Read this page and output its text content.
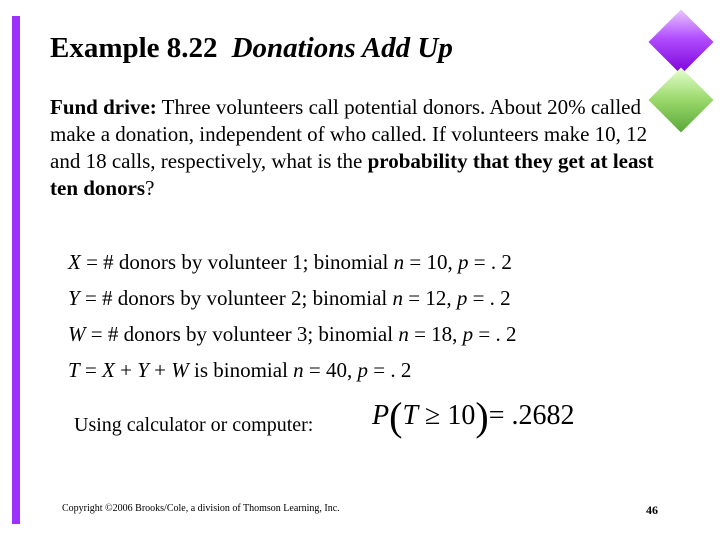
Example 8.22 Donations Add Up
Fund drive: Three volunteers call potential donors. About 20% called make a donation, independent of who called. If volunteers make 10, 12 and 18 calls, respectively, what is the probability that they get at least ten donors?
X = # donors by volunteer 1; binomial n = 10, p = . 2
Y = # donors by volunteer 2; binomial n = 12, p = . 2
W = # donors by volunteer 3; binomial n = 18, p = . 2
T = X + Y + W is binomial n = 40, p = . 2
Using calculator or computer: P(T ≥ 10)= .2682
Copyright ©2006 Brooks/Cole, a division of Thomson Learning, Inc.	46
